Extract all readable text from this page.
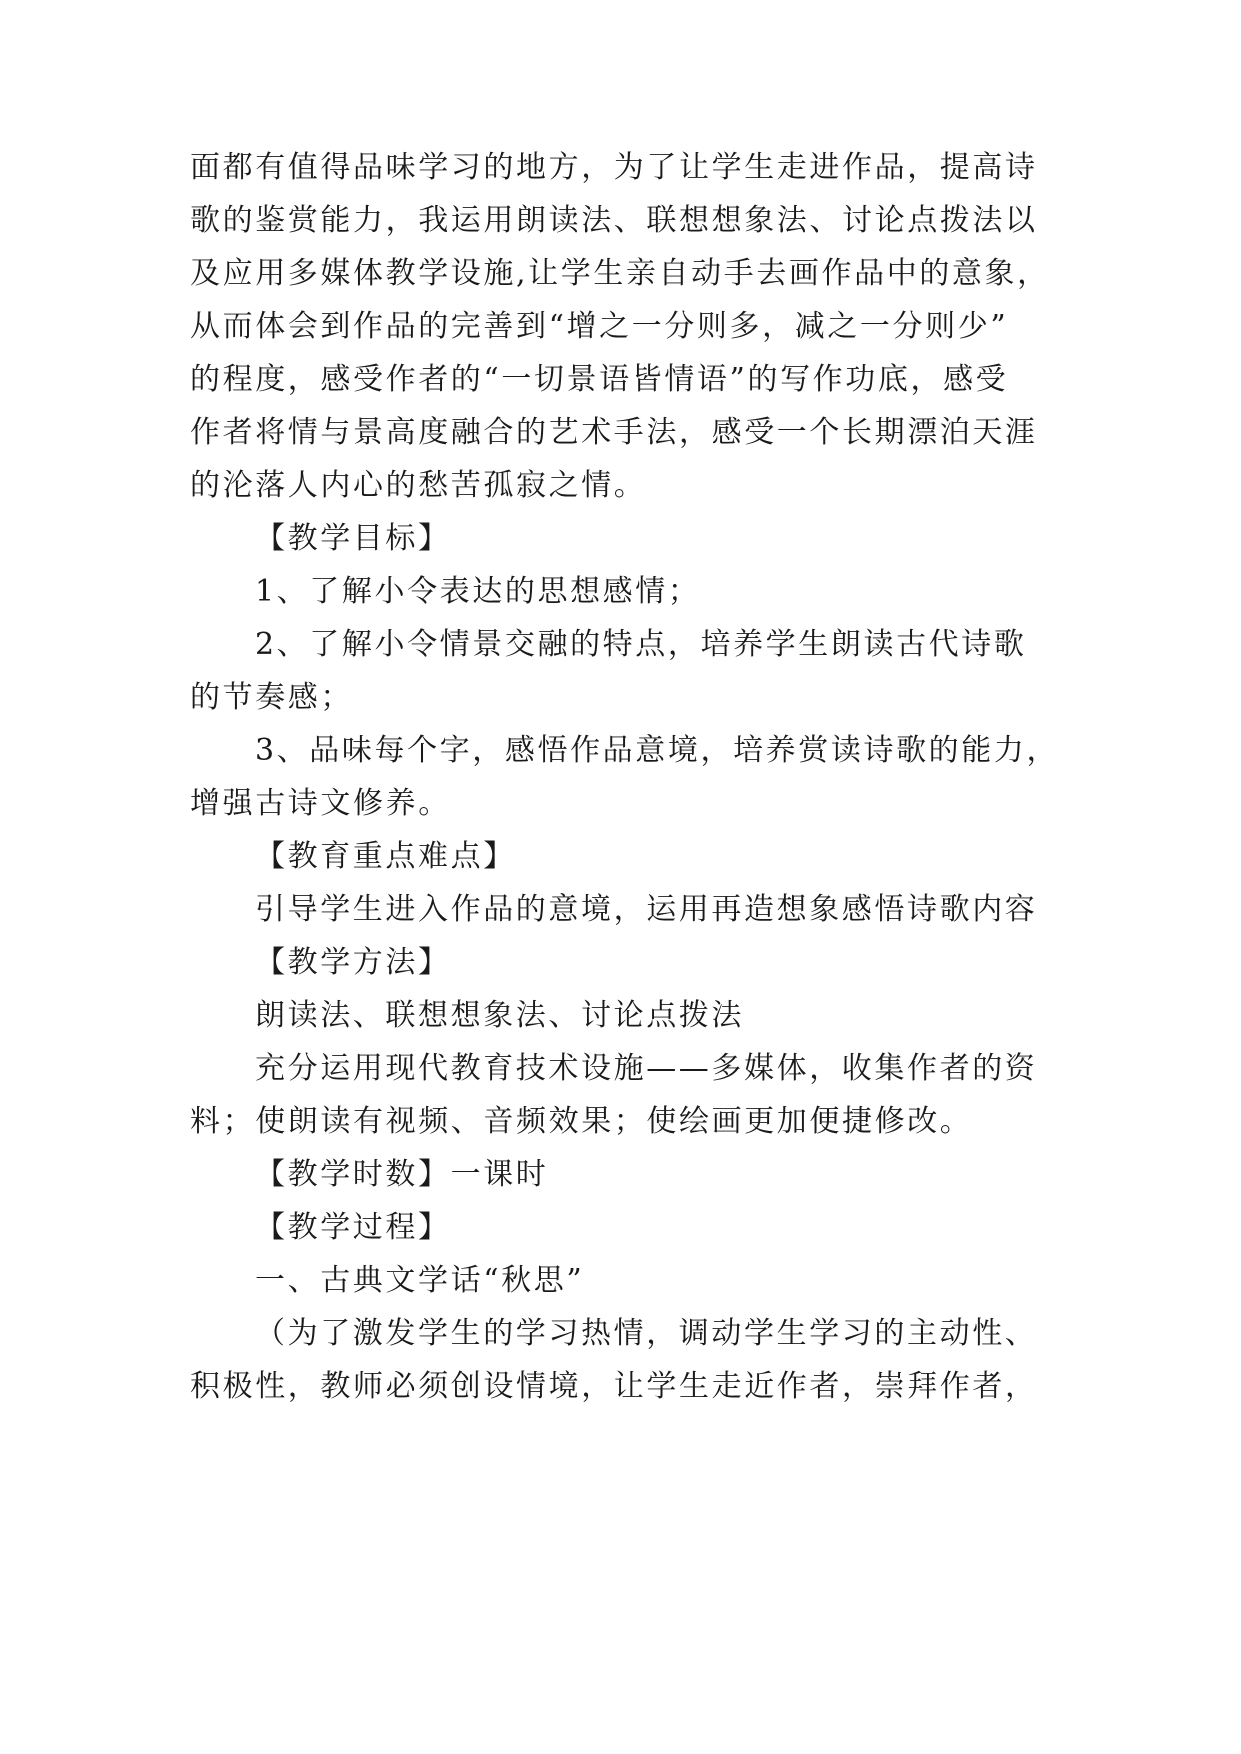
面都有值得品味学习的地方，为了让学生走进作品，提高诗
歌的鉴赏能力，我运用朗读法、联想想象法、讨论点拨法以
及应用多媒体教学设施,让学生亲自动手去画作品中的意象，
从而体会到作品的完善到“增之一分则多，减之一分则少”
的程度，感受作者的“一切景语皆情语”的写作功底，感受
作者将情与景高度融合的艺术手法，感受一个长期漂泊天涯
的沦落人内心的愁苦孤寂之情。
【教学目标】
1、了解小令表达的思想感情；
2、了解小令情景交融的特点，培养学生朗读古代诗歌
的节奏感；
3、品味每个字，感悟作品意境，培养赏读诗歌的能力，
增强古诗文修养。
【教育重点难点】
引导学生进入作品的意境，运用再造想象感悟诗歌内容
【教学方法】
朗读法、联想想象法、讨论点拨法
充分运用现代教育技术设施——多媒体，收集作者的资
料；使朗读有视频、音频效果；使绘画更加便捷修改。
【教学时数】一课时
【教学过程】
一、古典文学话“秋思”
（为了激发学生的学习热情，调动学生学习的主动性、
积极性，教师必须创设情境，让学生走近作者，崇拜作者，
